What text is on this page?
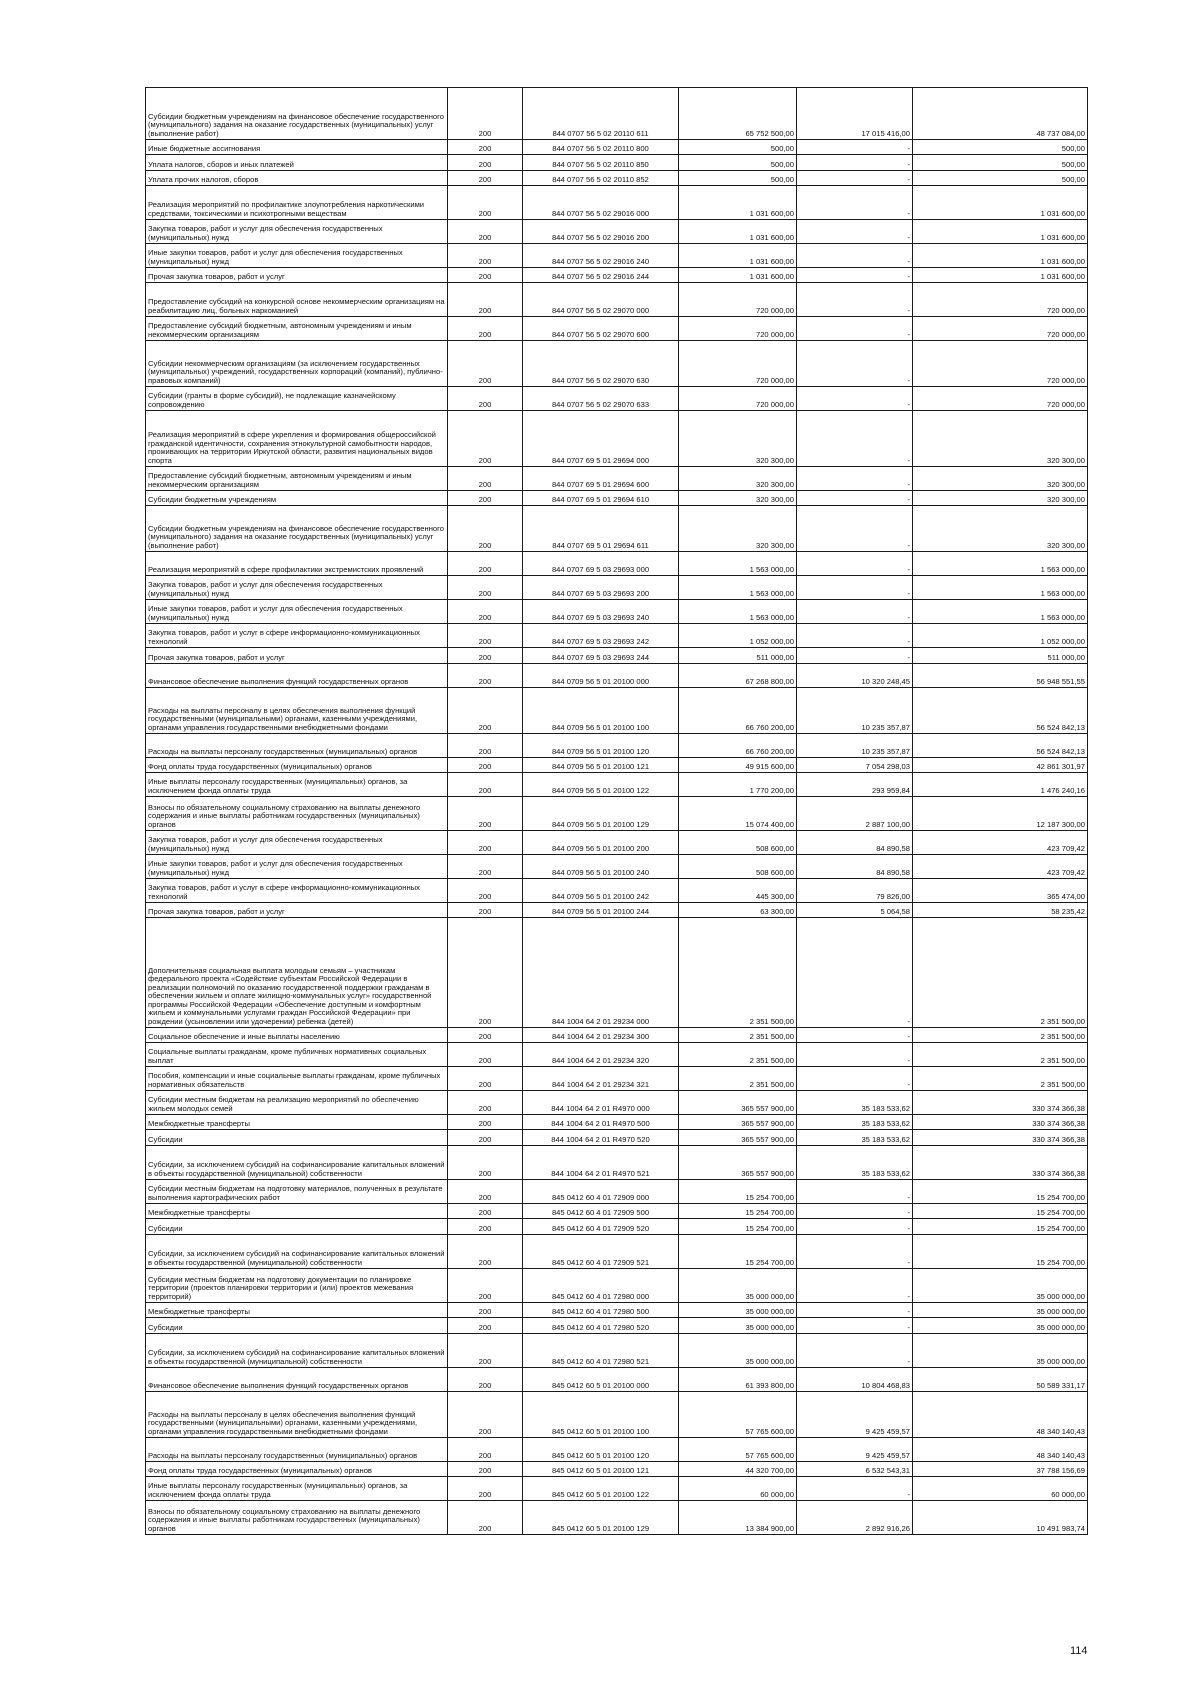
Субсидии бюджетным учреждениям на финансовое обеспечение государственного (муниципального) задания на оказание государственных (муниципальных) услуг (выполнение работ)	200	844 0707 56 5 02 20110 611	65 752 500,00	17 015 416,00	48 737 084,00
Иные бюджетные ассигнования	200	844 0707 56 5 02 20110 800	500,00	-	500,00
Уплата налогов, сборов и иных платежей	200	844 0707 56 5 02 20110 850	500,00	-	500,00
Уплата прочих налогов, сборов	200	844 0707 56 5 02 20110 852	500,00	-	500,00
Реализация мероприятий по профилактике злоупотребления наркотическими средствами, токсическими и психотропными веществам	200	844 0707 56 5 02 29016 000	1 031 600,00	-	1 031 600,00
Закупка товаров, работ и услуг для обеспечения государственных (муниципальных) нужд	200	844 0707 56 5 02 29016 200	1 031 600,00	-	1 031 600,00
Иные закупки товаров, работ и услуг для обеспечения государственных (муниципальных) нужд	200	844 0707 56 5 02 29016 240	1 031 600,00	-	1 031 600,00
Прочая закупка товаров, работ и услуг	200	844 0707 56 5 02 29016 244	1 031 600,00	-	1 031 600,00
Предоставление субсидий на конкурсной основе некоммерческим организациям на реабилитацию лиц, больных наркоманией	200	844 0707 56 5 02 29070 000	720 000,00	-	720 000,00
Предоставление субсидий бюджетным, автономным учреждениям и иным некоммерческим организациям	200	844 0707 56 5 02 29070 600	720 000,00	-	720 000,00
Субсидии некоммерческим организациям (за исключением государственных (муниципальных) учреждений, государственных корпораций (компаний), публично-правовых компаний)	200	844 0707 56 5 02 29070 630	720 000,00	-	720 000,00
Субсидии (гранты в форме субсидий), не подлежащие казначейскому сопровождению	200	844 0707 56 5 02 29070 633	720 000,00	-	720 000,00
Реализация мероприятий в сфере укрепления и формирования общероссийской гражданской идентичности, сохранения этнокультурной самобытности народов, проживающих на территории Иркутской области, развития национальных видов спорта	200	844 0707 69 5 01 29694 000	320 300,00	-	320 300,00
Предоставление субсидий бюджетным, автономным учреждениям и иным некоммерческим организациям	200	844 0707 69 5 01 29694 600	320 300,00	-	320 300,00
Субсидии бюджетным учреждениям	200	844 0707 69 5 01 29694 610	320 300,00	-	320 300,00
Субсидии бюджетным учреждениям на финансовое обеспечение государственного (муниципального) задания на оказание государственных (муниципальных) услуг (выполнение работ)	200	844 0707 69 5 01 29694 611	320 300,00	-	320 300,00
Реализация мероприятий в сфере профилактики экстремистских проявлений	200	844 0707 69 5 03 29693 000	1 563 000,00	-	1 563 000,00
Закупка товаров, работ и услуг для обеспечения государственных (муниципальных) нужд	200	844 0707 69 5 03 29693 200	1 563 000,00	-	1 563 000,00
Иные закупки товаров, работ и услуг для обеспечения государственных (муниципальных) нужд	200	844 0707 69 5 03 29693 240	1 563 000,00	-	1 563 000,00
Закупка товаров, работ и услуг в сфере информационно-коммуникационных технологий	200	844 0707 69 5 03 29693 242	1 052 000,00	-	1 052 000,00
Прочая закупка товаров, работ и услуг	200	844 0707 69 5 03 29693 244	511 000,00	-	511 000,00
Финансовое обеспечение выполнения функций государственных органов	200	844 0709 56 5 01 20100 000	67 268 800,00	10 320 248,45	56 948 551,55
Расходы на выплаты персоналу в целях обеспечения выполнения функций государственными (муниципальными) органами, казенными учреждениями, органами управления государственными внебюджетными фондами	200	844 0709 56 5 01 20100 100	66 760 200,00	10 235 357,87	56 524 842,13
Расходы на выплаты персоналу государственных (муниципальных) органов	200	844 0709 56 5 01 20100 120	66 760 200,00	10 235 357,87	56 524 842,13
Фонд оплаты труда государственных (муниципальных) органов	200	844 0709 56 5 01 20100 121	49 915 600,00	7 054 298,03	42 861 301,97
Иные выплаты персоналу государственных (муниципальных) органов, за исключением фонда оплаты труда	200	844 0709 56 5 01 20100 122	1 770 200,00	293 959,84	1 476 240,16
Взносы по обязательному социальному страхованию на выплаты денежного содержания и иные выплаты работникам государственных (муниципальных) органов	200	844 0709 56 5 01 20100 129	15 074 400,00	2 887 100,00	12 187 300,00
Закупка товаров, работ и услуг для обеспечения государственных (муниципальных) нужд	200	844 0709 56 5 01 20100 200	508 600,00	84 890,58	423 709,42
Иные закупки товаров, работ и услуг для обеспечения государственных (муниципальных) нужд	200	844 0709 56 5 01 20100 240	508 600,00	84 890,58	423 709,42
Закупка товаров, работ и услуг в сфере информационно-коммуникационных технологий	200	844 0709 56 5 01 20100 242	445 300,00	79 826,00	365 474,00
Прочая закупка товаров, работ и услуг	200	844 0709 56 5 01 20100 244	63 300,00	5 064,58	58 235,42
Дополнительная социальная выплата молодым семьям – участникам федерального проекта «Содействие субъектам Российской Федерации в реализации полномочий по оказанию государственной поддержки гражданам в обеспечении жильем и оплате жилищно-коммунальных услуг» государственной программы Российской Федерации «Обеспечение доступным и комфортным жильем и коммунальными услугами граждан Российской Федерации» при рождении (усыновлении или удочерении) ребенка (детей)	200	844 1004 64 2 01 29234 000	2 351 500,00	-	2 351 500,00
Социальное обеспечение и иные выплаты населению	200	844 1004 64 2 01 29234 300	2 351 500,00	-	2 351 500,00
Социальные выплаты гражданам, кроме публичных нормативных социальных выплат	200	844 1004 64 2 01 29234 320	2 351 500,00	-	2 351 500,00
Пособия, компенсации и иные социальные выплаты гражданам, кроме публичных нормативных обязательств	200	844 1004 64 2 01 29234 321	2 351 500,00	-	2 351 500,00
Субсидии местным бюджетам на реализацию мероприятий по обеспечению жильем молодых семей	200	844 1004 64 2 01 R4970 000	365 557 900,00	35 183 533,62	330 374 366,38
Межбюджетные трансферты	200	844 1004 64 2 01 R4970 500	365 557 900,00	35 183 533,62	330 374 366,38
Субсидии	200	844 1004 64 2 01 R4970 520	365 557 900,00	35 183 533,62	330 374 366,38
Субсидии, за исключением субсидий на софинансирование капитальных вложений в объекты государственной (муниципальной) собственности	200	844 1004 64 2 01 R4970 521	365 557 900,00	35 183 533,62	330 374 366,38
Субсидии местным бюджетам на подготовку материалов, полученных в результате выполнения картографических работ	200	845 0412 60 4 01 72909 000	15 254 700,00	-	15 254 700,00
Межбюджетные трансферты	200	845 0412 60 4 01 72909 500	15 254 700,00	-	15 254 700,00
Субсидии	200	845 0412 60 4 01 72909 520	15 254 700,00	-	15 254 700,00
Субсидии, за исключением субсидий на софинансирование капитальных вложений в объекты государственной (муниципальной) собственности	200	845 0412 60 4 01 72909 521	15 254 700,00	-	15 254 700,00
Субсидии местным бюджетам на подготовку документации по планировке территории (проектов планировки территории и (или) проектов межевания территорий)	200	845 0412 60 4 01 72980 000	35 000 000,00	-	35 000 000,00
Межбюджетные трансферты	200	845 0412 60 4 01 72980 500	35 000 000,00	-	35 000 000,00
Субсидии	200	845 0412 60 4 01 72980 520	35 000 000,00	-	35 000 000,00
Субсидии, за исключением субсидий на софинансирование капитальных вложений в объекты государственной (муниципальной) собственности	200	845 0412 60 4 01 72980 521	35 000 000,00	-	35 000 000,00
Финансовое обеспечение выполнения функций государственных органов	200	845 0412 60 5 01 20100 000	61 393 800,00	10 804 468,83	50 589 331,17
Расходы на выплаты персоналу в целях обеспечения выполнения функций государственными (муниципальными) органами, казенными учреждениями, органами управления государственными внебюджетными фондами	200	845 0412 60 5 01 20100 100	57 765 600,00	9 425 459,57	48 340 140,43
Расходы на выплаты персоналу государственных (муниципальных) органов	200	845 0412 60 5 01 20100 120	57 765 600,00	9 425 459,57	48 340 140,43
Фонд оплаты труда государственных (муниципальных) органов	200	845 0412 60 5 01 20100 121	44 320 700,00	6 532 543,31	37 788 156,69
Иные выплаты персоналу государственных (муниципальных) органов, за исключением фонда оплаты труда	200	845 0412 60 5 01 20100 122	60 000,00	-	60 000,00
Взносы по обязательному социальному страхованию на выплаты денежного содержания и иные выплаты работникам государственных (муниципальных) органов	200	845 0412 60 5 01 20100 129	13 384 900,00	2 892 916,26	10 491 983,74
114
